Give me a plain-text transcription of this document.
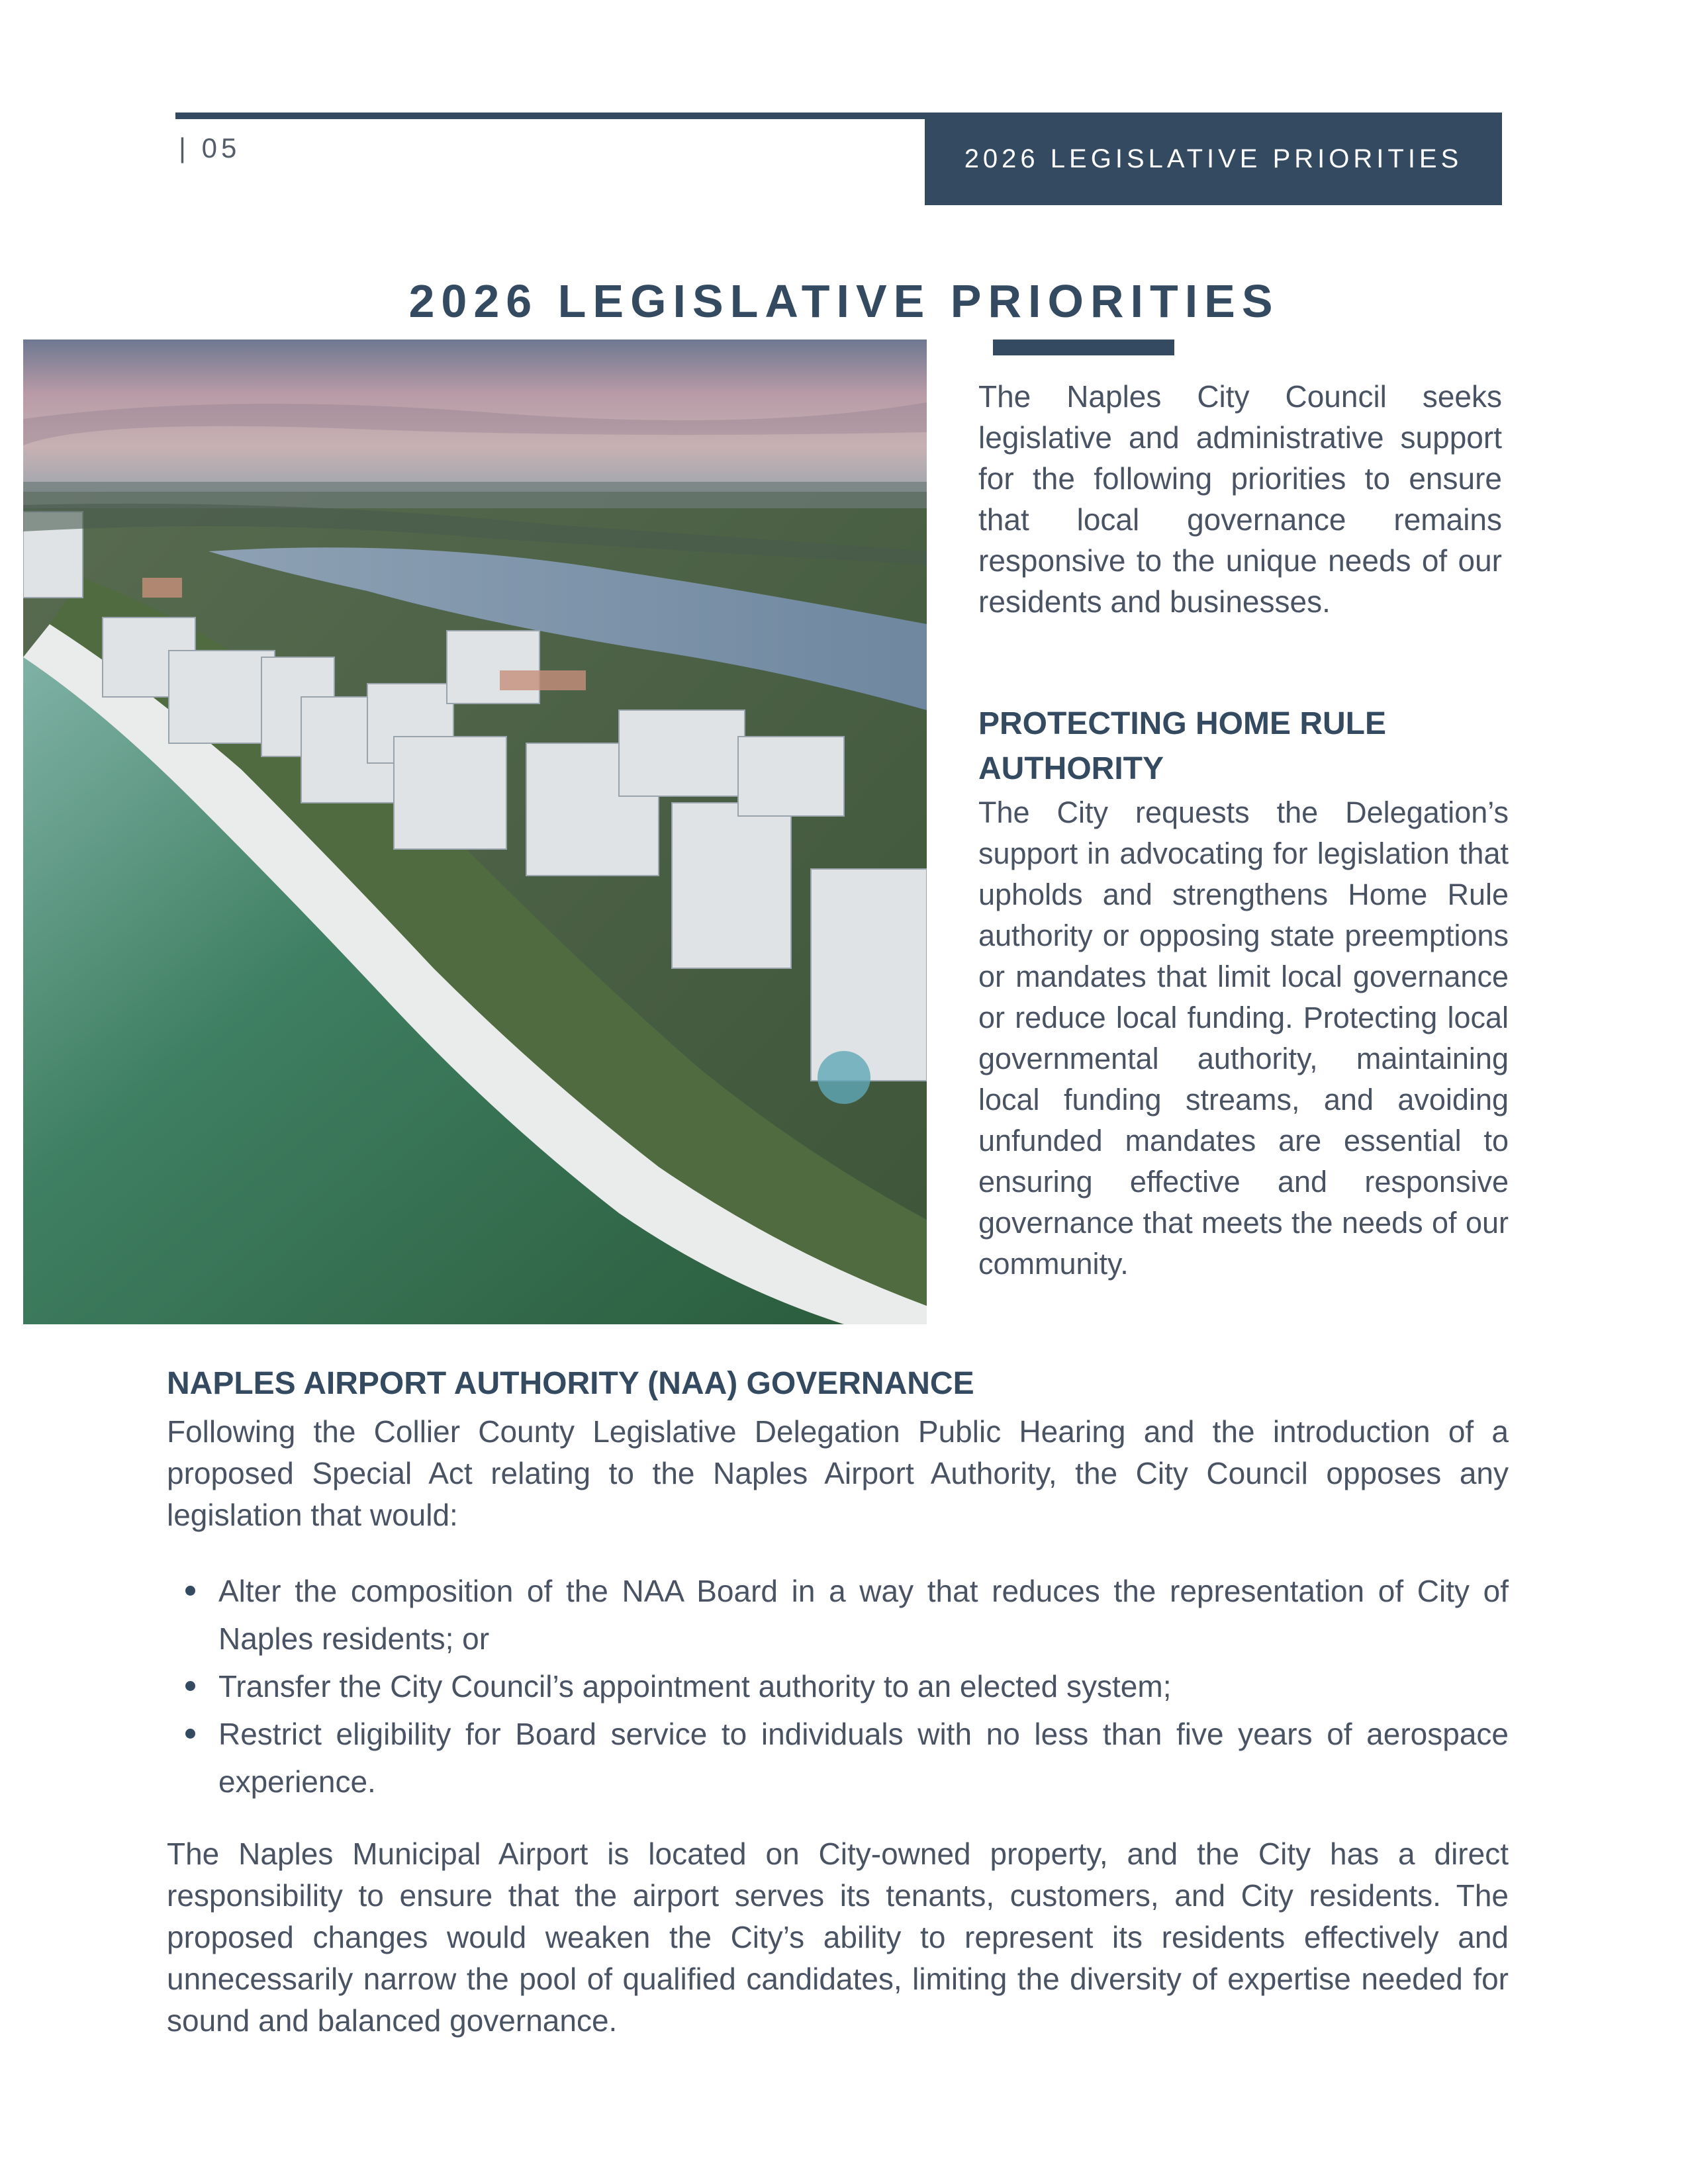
| 05	2026 LEGISLATIVE PRIORITIES
2026 LEGISLATIVE PRIORITIES

The Naples City Council seeks legislative and administrative support for the following priorities to ensure that local governance remains responsive to the unique needs of our residents and businesses.

PROTECTING HOME RULE AUTHORITY

The City requests the Delegation’s support in advocating for legislation that upholds and strengthens Home Rule authority or opposing state preemptions or mandates that limit local governance or reduce local funding. Protecting local governmental authority, maintaining local funding streams, and avoiding unfunded mandates are essential to ensuring effective and responsive governance that meets the needs of our community.

NAPLES AIRPORT AUTHORITY (NAA) GOVERNANCE

Following the Collier County Legislative Delegation Public Hearing and the introduction of a proposed Special Act relating to the Naples Airport Authority, the City Council opposes any legislation that would:

Alter the composition of the NAA Board in a way that reduces the representation of City of Naples residents; or
Transfer the City Council’s appointment authority to an elected system;
Restrict eligibility for Board service to individuals with no less than five years of aerospace experience.

The Naples Municipal Airport is located on City-owned property, and the City has a direct responsibility to ensure that the airport serves its tenants, customers, and City residents. The proposed changes would weaken the City’s ability to represent its residents effectively and unnecessarily narrow the pool of qualified candidates, limiting the diversity of expertise needed for sound and balanced governance.
